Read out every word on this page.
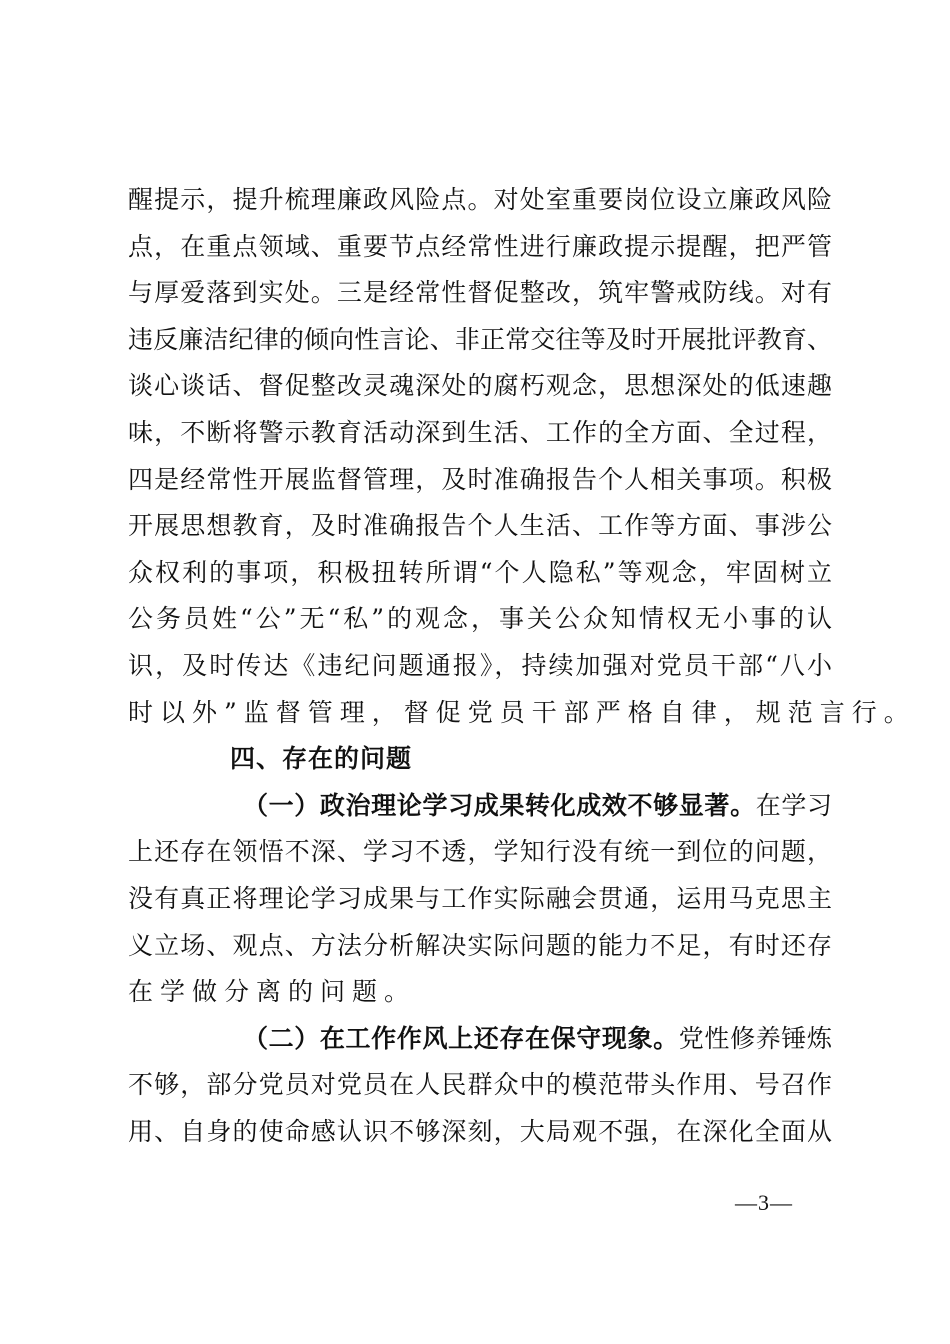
醒提示，提升梳理廉政风险点。对处室重要岗位设立廉政风险
点，在重点领域、重要节点经常性进行廉政提示提醒，把严管
与厚爱落到实处。三是经常性督促整改，筑牢警戒防线。对有
违反廉洁纪律的倾向性言论、非正常交往等及时开展批评教育、
谈心谈话、督促整改灵魂深处的腐朽观念，思想深处的低速趣
味，不断将警示教育活动深到生活、工作的全方面、全过程，
四是经常性开展监督管理，及时准确报告个人相关事项。积极
开展思想教育，及时准确报告个人生活、工作等方面、事涉公
众权利的事项，积极扭转所谓“个人隐私”等观念，牢固树立
公务员姓“公”无“私”的观念，事关公众知情权无小事的认
识，及时传达《违纪问题通报》，持续加强对党员干部“八小
时以外”监督管理，督促党员干部严格自律，规范言行。
四、存在的问题
（一）政治理论学习成果转化成效不够显著。在学习
上还存在领悟不深、学习不透，学知行没有统一到位的问题，
没有真正将理论学习成果与工作实际融会贯通，运用马克思主
义立场、观点、方法分析解决实际问题的能力不足，有时还存
在学做分离的问题。
（二）在工作作风上还存在保守现象。党性修养锤炼
不够，部分党员对党员在人民群众中的模范带头作用、号召作
用、自身的使命感认识不够深刻，大局观不强，在深化全面从
—3—
